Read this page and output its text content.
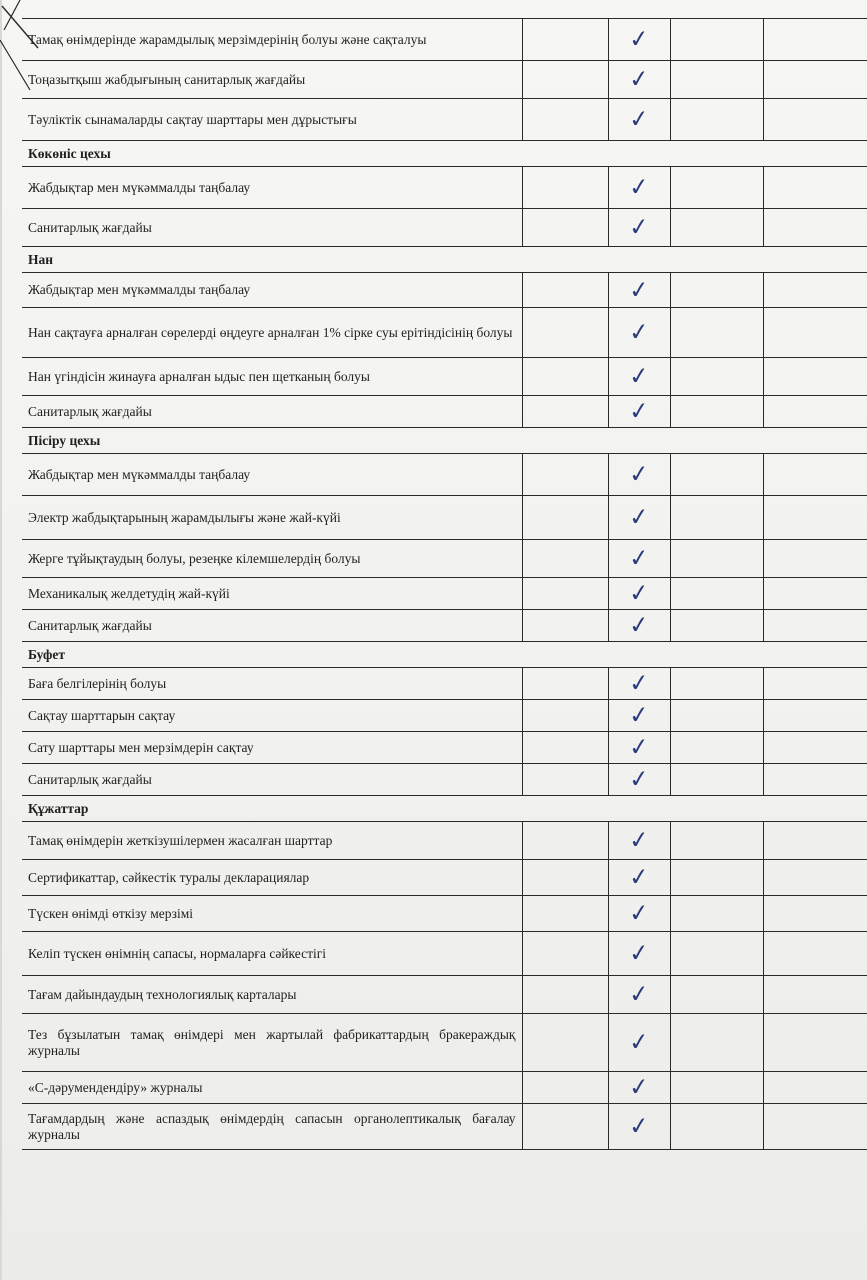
Тамақ өнімдерінде жарамдылық мерзімдерінің болуы және сақталуы		✓		
Тоңазытқыш жабдығының санитарлық жағдайы		✓		
Тәуліктік сынамаларды сақтау шарттары мен дұрыстығы		✓		
Көкөніс цехы				
Жабдықтар мен мүкәммалды таңбалау		✓		
Санитарлық жағдайы		✓		
Нан				
Жабдықтар мен мүкәммалды таңбалау		✓		
Нан сақтауға арналған сөрелерді өңдеуге арналған 1% сірке суы ерітіндісінің болуы		✓		
Нан үгіндісін жинауға арналған ыдыс пен щетканың болуы		✓		
Санитарлық жағдайы		✓		
Пісіру цехы				
Жабдықтар мен мүкәммалды таңбалау		✓		
Электр жабдықтарының жарамдылығы және жай-күйі		✓		
Жерге тұйықтаудың болуы, резеңке кілемшелердің болуы		✓		
Механикалық желдетудің жай-күйі		✓		
Санитарлық жағдайы		✓		
Буфет				
Баға белгілерінің болуы		✓		
Сақтау шарттарын сақтау		✓		
Сату шарттары мен мерзімдерін сақтау		✓		
Санитарлық жағдайы		✓		
Құжаттар				
Тамақ өнімдерін жеткізушілермен жасалған шарттар		✓		
Сертификаттар, сәйкестік туралы декларациялар		✓		
Түскен өнімді өткізу мерзімі		✓		
Келіп түскен өнімнің сапасы, нормаларға сәйкестігі		✓		
Тағам дайындаудың технологиялық карталары		✓		
Тез бұзылатын тамақ өнімдері мен жартылай фабрикаттардың бракераждық журналы		✓		
«С-дәрумендендіру» журналы		✓		
Тағамдардың және аспаздық өнімдердің сапасын органолептикалық бағалау журналы		✓		
